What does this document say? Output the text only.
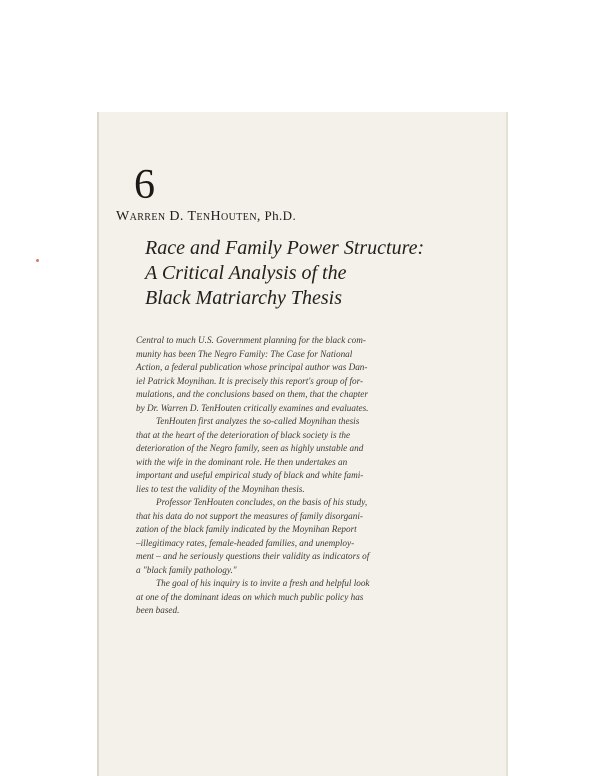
6
Warren D. TenHouten, Ph.D.
Race and Family Power Structure:
A Critical Analysis of the
Black Matriarchy Thesis
Central to much U.S. Government planning for the black com-
munity has been The Negro Family: The Case for National
Action, a federal publication whose principal author was Dan-
iel Patrick Moynihan. It is precisely this report's group of for-
mulations, and the conclusions based on them, that the chapter
by Dr. Warren D. TenHouten critically examines and evaluates.
TenHouten first analyzes the so-called Moynihan thesis
that at the heart of the deterioration of black society is the
deterioration of the Negro family, seen as highly unstable and
with the wife in the dominant role. He then undertakes an
important and useful empirical study of black and white fami-
lies to test the validity of the Moynihan thesis.
Professor TenHouten concludes, on the basis of his study,
that his data do not support the measures of family disorgani-
zation of the black family indicated by the Moynihan Report
–illegitimacy rates, female-headed families, and unemploy-
ment – and he seriously questions their validity as indicators of
a "black family pathology."
The goal of his inquiry is to invite a fresh and helpful look
at one of the dominant ideas on which much public policy has
been based.
